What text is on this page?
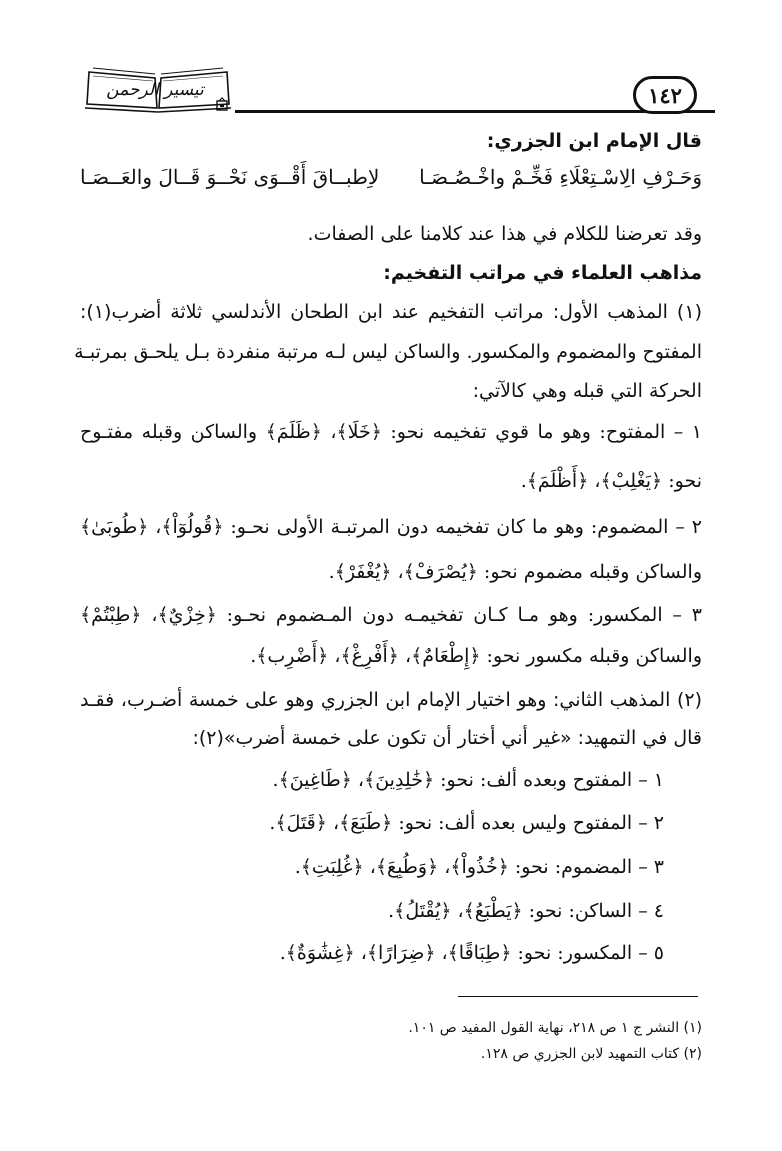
تيسير الرحمن	١٤٢
قال الإمام ابن الجزري:
وَحَـرْفِ الِاسْـتِعْلَاءِ فَخِّـمْ واخْـصُـصَـا
لاِطبــاقَ أَقْــوَى نَحْــوَ قَــالَ والعَــصَـا
وقد تعرضنا للكلام في هذا عند كلامنا على الصفات.
مذاهب العلماء في مراتب التفخيم:
(١) المذهب الأول: مراتب التفخيم عند ابن الطحان الأندلسي ثلاثة أضرب(١):
المفتوح والمضموم والمكسور. والساكن ليس لـه مرتبة منفردة بـل يلحـق بمرتبـة
الحركة التي قبله وهي كالآتي:
١ – المفتوح: وهو ما قوي تفخيمه نحو: ﴿خَلَا﴾، ﴿ظَلَمَ﴾ والساكن وقبله مفتـوح
نحو: ﴿يَغْلِبْ﴾، ﴿أَظْلَمَ﴾.
٢ – المضموم: وهو ما كان تفخيمه دون المرتبـة الأولى نحـو: ﴿قُولُوٓاْ﴾، ﴿طُوبَىٰ﴾
والساكن وقبله مضموم نحو: ﴿يُصْرَفْ﴾، ﴿يُغْفَرْ﴾.
٣ – المكسور: وهو مـا كـان تفخيمـه دون المـضموم نحـو: ﴿خِزْيٌ﴾، ﴿طِبْتُمْ﴾
والساكن وقبله مكسور نحو: ﴿إِطْعَامٌ﴾، ﴿أَفْرِغْ﴾، ﴿أَضْرِب﴾.
(٢) المذهب الثاني: وهو اختيار الإمام ابن الجزري وهو على خمسة أضـرب، فقـد
قال في التمهيد: «غير أني أختار أن تكون على خمسة أضرب»(٢):
١ – المفتوح وبعده ألف: نحو: ﴿خَٰلِدِينَ﴾، ﴿طَاغِينَ﴾.
٢ – المفتوح وليس بعده ألف: نحو: ﴿طَبَعَ﴾، ﴿قَتَلَ﴾.
٣ – المضموم: نحو: ﴿خُذُواْ﴾، ﴿وَطُبِعَ﴾، ﴿غُلِبَتِ﴾.
٤ – الساكن: نحو: ﴿يَطْبَعُ﴾، ﴿يُقْتَلُ﴾.
٥ – المكسور: نحو: ﴿طِبَاقًا﴾، ﴿ضِرَارًا﴾، ﴿غِشَٰوَةٌ﴾.
(١) النشر ج ١ ص ٢١٨، نهاية القول المفيد ص ١٠١.
(٢) كتاب التمهيد لابن الجزري ص ١٢٨.
